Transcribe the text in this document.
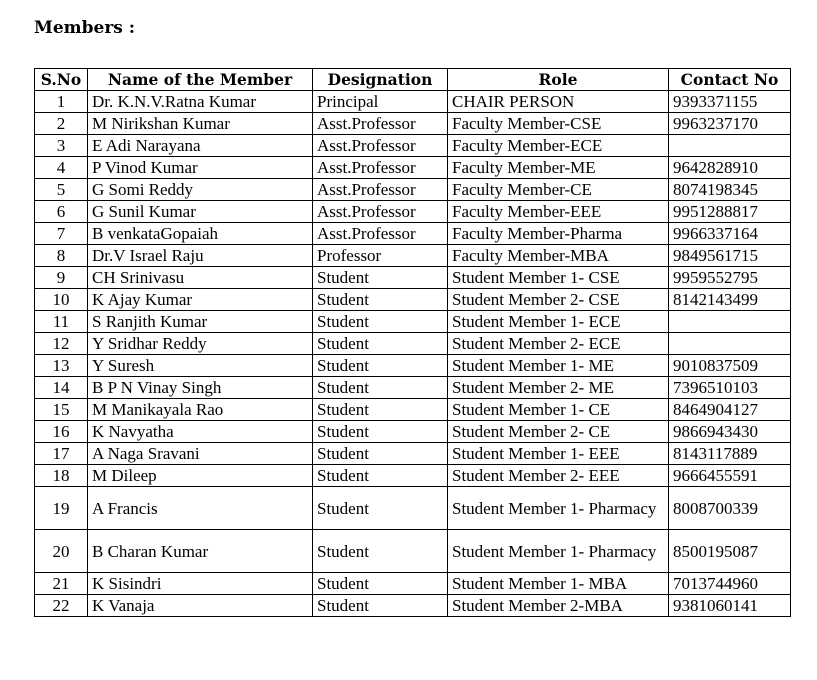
Members :
S.No	Name of the Member	Designation	Role	Contact No
1	Dr. K.N.V.Ratna Kumar	Principal	CHAIR PERSON	9393371155
2	M Nirikshan Kumar	Asst.Professor	Faculty Member-CSE	9963237170
3	E Adi Narayana	Asst.Professor	Faculty Member-ECE	
4	P Vinod Kumar	Asst.Professor	Faculty Member-ME	9642828910
5	G Somi Reddy	Asst.Professor	Faculty Member-CE	8074198345
6	G Sunil Kumar	Asst.Professor	Faculty Member-EEE	9951288817
7	B venkataGopaiah	Asst.Professor	Faculty Member-Pharma	9966337164
8	Dr.V Israel Raju	Professor	Faculty Member-MBA	9849561715
9	CH Srinivasu	Student	Student Member 1- CSE	9959552795
10	K Ajay Kumar	Student	Student Member 2- CSE	8142143499
11	S Ranjith Kumar	Student	Student Member 1- ECE	
12	Y Sridhar Reddy	Student	Student Member 2- ECE	
13	Y Suresh	Student	Student Member 1- ME	9010837509
14	B P N Vinay Singh	Student	Student Member 2- ME	7396510103
15	M Manikayala Rao	Student	Student Member 1- CE	8464904127
16	K Navyatha	Student	Student Member 2- CE	9866943430
17	A Naga Sravani	Student	Student Member 1- EEE	8143117889
18	M Dileep	Student	Student Member 2- EEE	9666455591
19	A Francis	Student	Student Member 1- Pharmacy	8008700339
20	B Charan Kumar	Student	Student Member 1- Pharmacy	8500195087
21	K Sisindri	Student	Student Member 1- MBA	7013744960
22	K Vanaja	Student	Student Member 2-MBA	9381060141
